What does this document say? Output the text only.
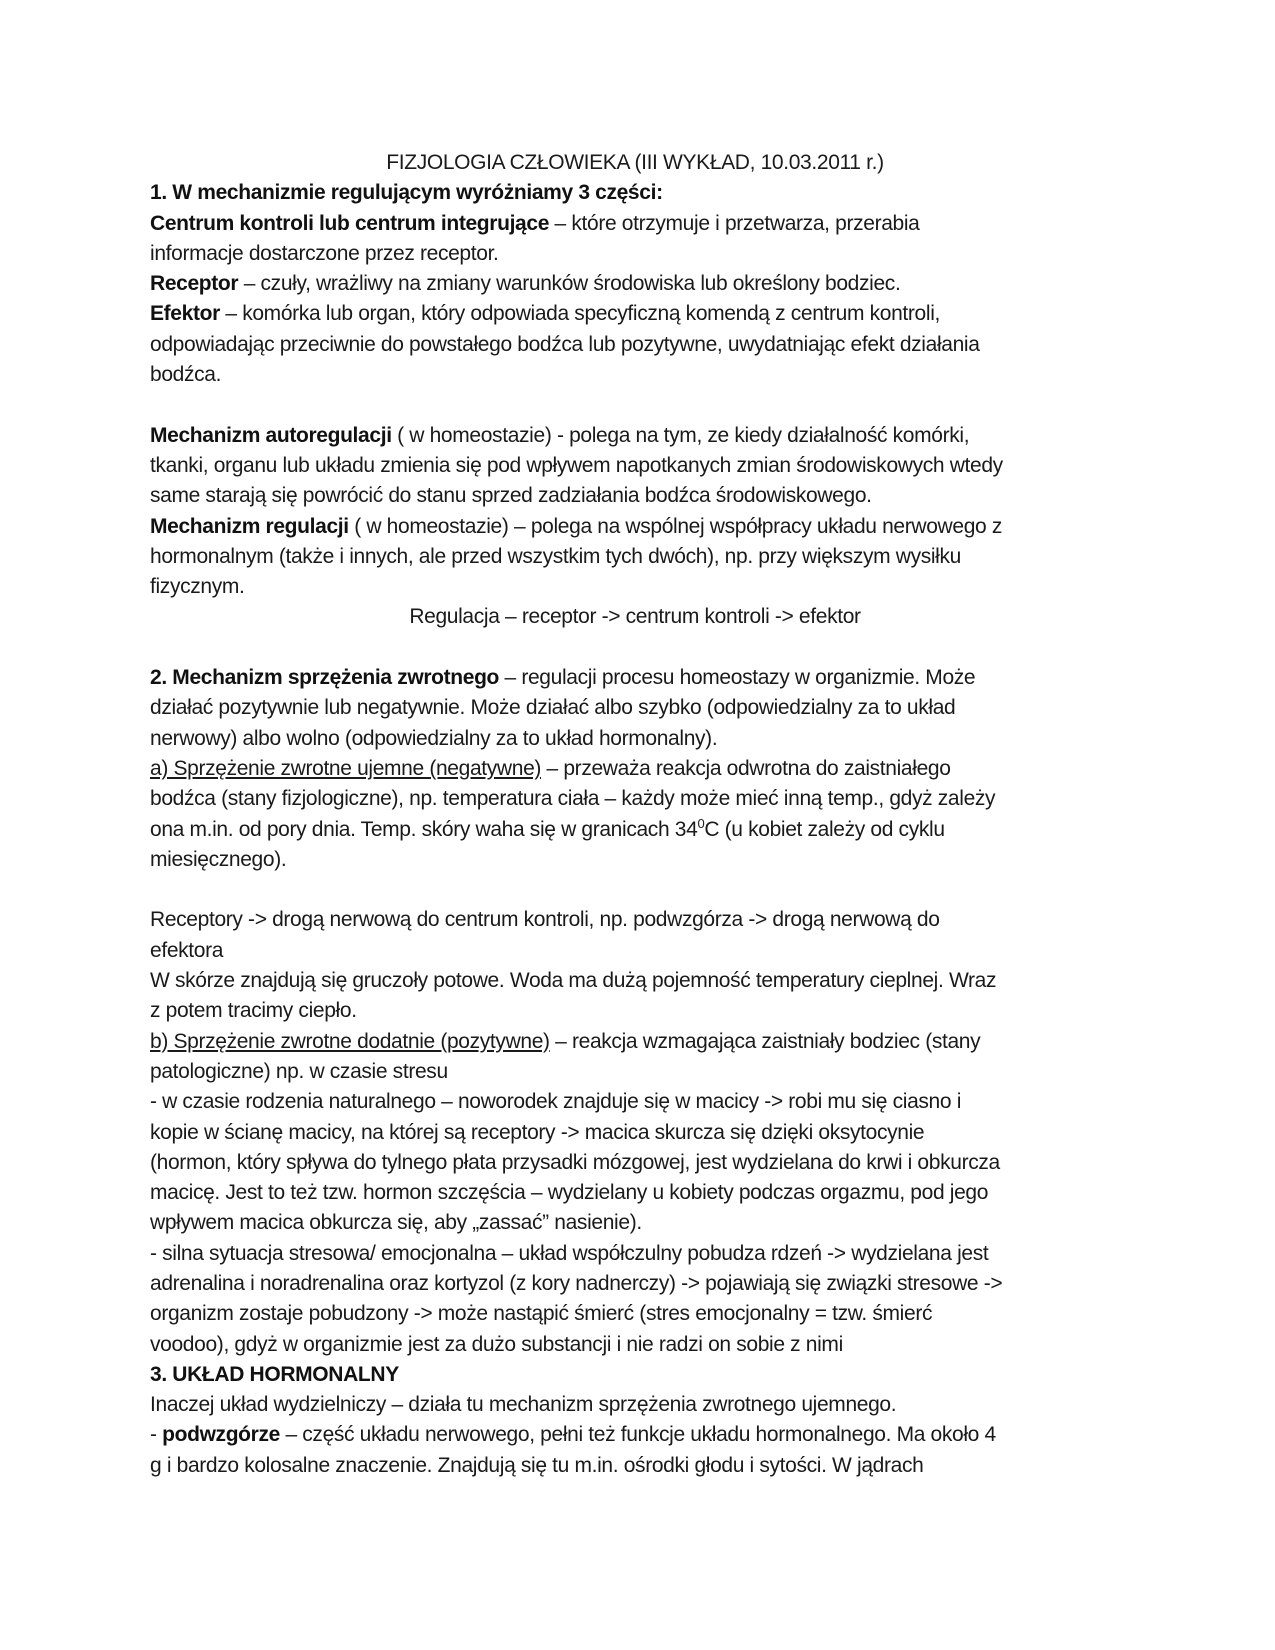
FIZJOLOGIA CZŁOWIEKA (III WYKŁAD, 10.03.2011 r.)
1. W mechanizmie regulującym wyróżniamy 3 części:
Centrum kontroli lub centrum integrujące – które otrzymuje i przetwarza, przerabia
informacje dostarczone przez receptor.
Receptor – czuły, wrażliwy na zmiany warunków środowiska lub określony bodziec.
Efektor – komórka lub organ, który odpowiada specyficzną komendą z centrum kontroli,
odpowiadając przeciwnie do powstałego bodźca lub pozytywne, uwydatniając efekt działania
bodźca.
Mechanizm autoregulacji ( w homeostazie) - polega na tym, ze kiedy działalność komórki,
tkanki, organu lub układu zmienia się pod wpływem napotkanych zmian środowiskowych wtedy
same starają się powrócić do stanu sprzed zadziałania bodźca środowiskowego.
Mechanizm regulacji ( w homeostazie) – polega na wspólnej współpracy układu nerwowego z
hormonalnym (także i innych, ale przed wszystkim tych dwóch), np. przy większym wysiłku
fizycznym.
Regulacja – receptor -> centrum kontroli -> efektor
2. Mechanizm sprzężenia zwrotnego – regulacji procesu homeostazy w organizmie. Może
działać pozytywnie lub negatywnie. Może działać albo szybko (odpowiedzialny za to układ
nerwowy) albo wolno (odpowiedzialny za to układ hormonalny).
a) Sprzężenie zwrotne ujemne (negatywne) – przeważa reakcja odwrotna do zaistniałego
bodźca (stany fizjologiczne), np. temperatura ciała – każdy może mieć inną temp., gdyż zależy
ona m.in. od pory dnia. Temp. skóry waha się w granicach $34^0C$ (u kobiet zależy od cyklu
miesięcznego).
Receptory -> drogą nerwową do centrum kontroli, np. podwzgórza -> drogą nerwową do
efektora
W skórze znajdują się gruczoły potowe. Woda ma dużą pojemność temperatury cieplnej. Wraz
z potem tracimy ciepło.
b) Sprzężenie zwrotne dodatnie (pozytywne) – reakcja wzmagająca zaistniały bodziec (stany
patologiczne) np. w czasie stresu
- w czasie rodzenia naturalnego – noworodek znajduje się w macicy -> robi mu się ciasno i
kopie w ścianę macicy, na której są receptory -> macica skurcza się dzięki oksytocynie
(hormon, który spływa do tylnego płata przysadki mózgowej, jest wydzielana do krwi i obkurcza
macicę. Jest to też tzw. hormon szczęścia – wydzielany u kobiety podczas orgazmu, pod jego
wpływem macica obkurcza się, aby „zassać” nasienie).
- silna sytuacja stresowa/ emocjonalna – układ współczulny pobudza rdzeń -> wydzielana jest
adrenalina i noradrenalina oraz kortyzol (z kory nadnerczy) -> pojawiają się związki stresowe ->
organizm zostaje pobudzony -> może nastąpić śmierć (stres emocjonalny = tzw. śmierć
voodoo), gdyż w organizmie jest za dużo substancji i nie radzi on sobie z nimi
3. UKŁAD HORMONALNY
Inaczej układ wydzielniczy – działa tu mechanizm sprzężenia zwrotnego ujemnego.
- podwzgórze – część układu nerwowego, pełni też funkcje układu hormonalnego. Ma około 4
g i bardzo kolosalne znaczenie. Znajdują się tu m.in. ośrodki głodu i sytości. W jądrach
